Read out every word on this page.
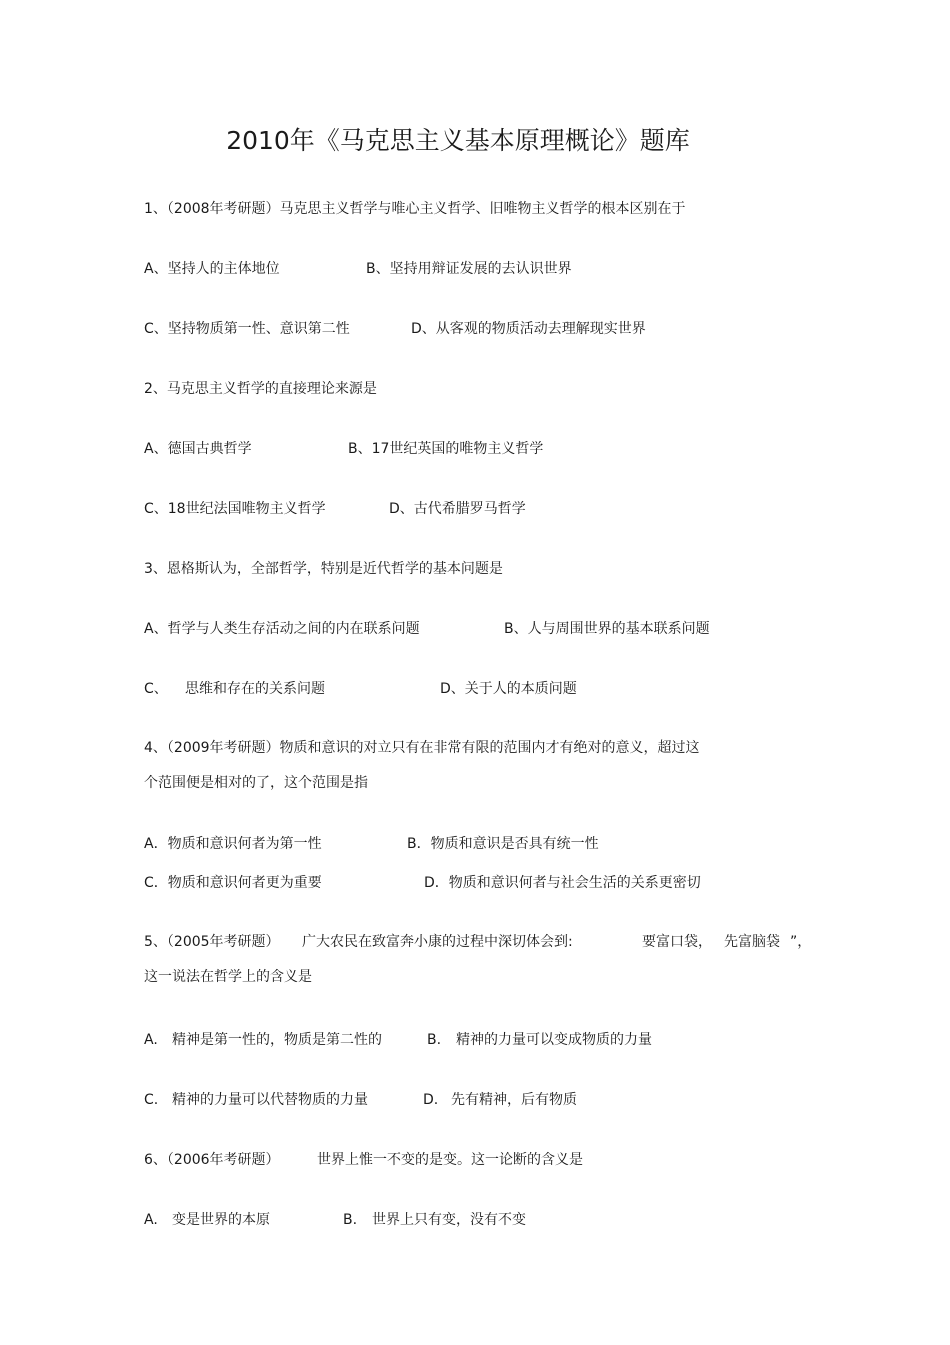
2010年《马克思主义基本原理概论》题库
1、（2008年考研题）马克思主义哲学与唯心主义哲学、旧唯物主义哲学的根本区别在于
A、坚持人的主体地位	B、坚持用辩证发展的去认识世界
C、坚持物质第一性、意识第二性	D、从客观的物质活动去理解现实世界
2、马克思主义哲学的直接理论来源是
A、德国古典哲学	B、17世纪英国的唯物主义哲学
C、18世纪法国唯物主义哲学	D、古代希腊罗马哲学
3、恩格斯认为，全部哲学，特别是近代哲学的基本问题是
A、哲学与人类生存活动之间的内在联系问题	B、人与周围世界的基本联系问题
C、 思维和存在的关系问题	D、关于人的本质问题
4、（2009年考研题）物质和意识的对立只有在非常有限的范围内才有绝对的意义，超过这
个范围便是相对的了，这个范围是指
A．物质和意识何者为第一性	B．物质和意识是否具有统一性
C．物质和意识何者更为重要	D．物质和意识何者与社会生活的关系更密切
5、（2005年考研题） 广大农民在致富奔小康的过程中深切体会到:	要富口袋， 先富脑袋 ”，
这一说法在哲学上的含义是
A. 精神是第一性的，物质是第二性的	B. 精神的力量可以变成物质的力量
C. 精神的力量可以代替物质的力量	D. 先有精神，后有物质
6、（2006年考研题）	世界上惟一不变的是变。这一论断的含义是
A. 变是世界的本原	B. 世界上只有变，没有不变
